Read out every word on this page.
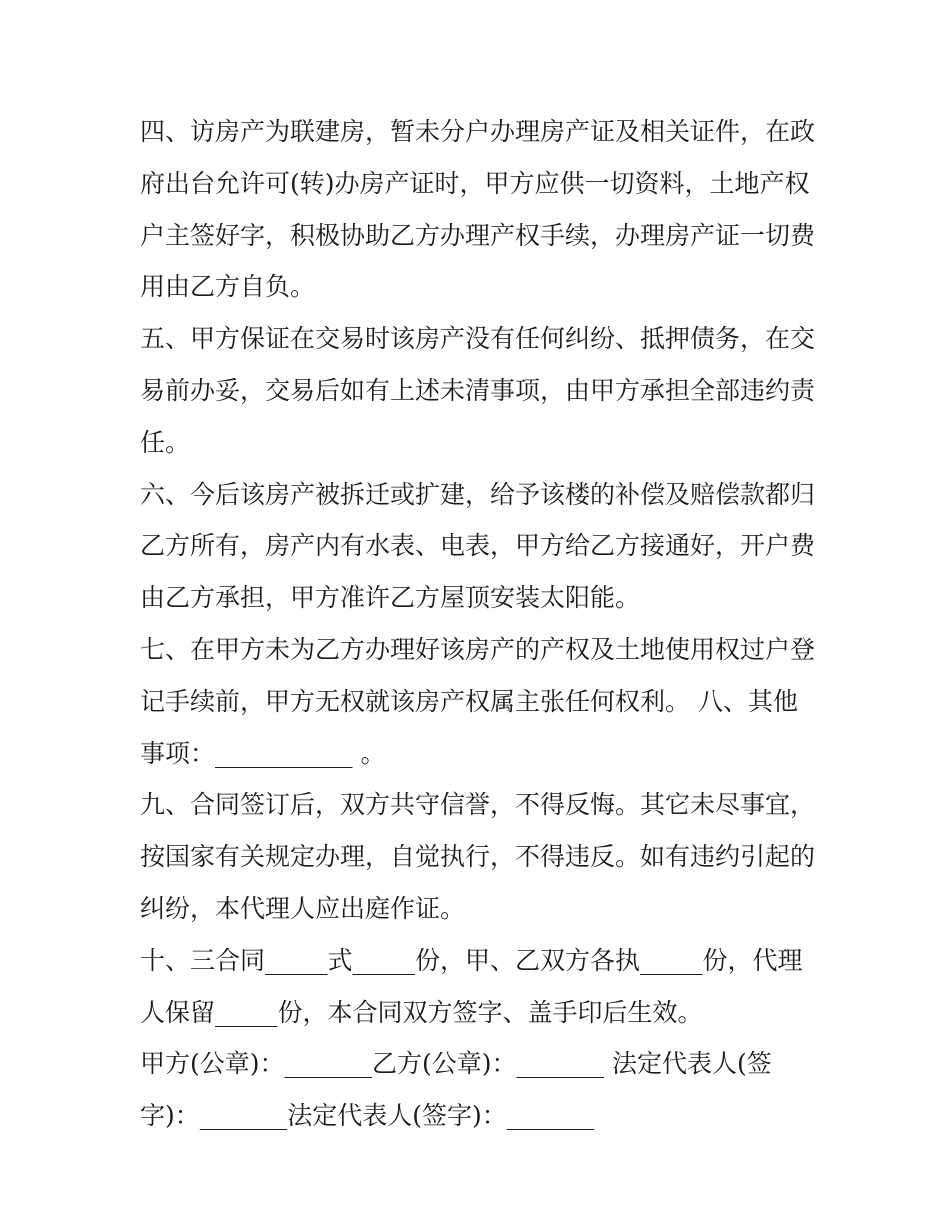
四、访房产为联建房，暂未分户办理房产证及相关证件，在政
府出台允许可(转)办房产证时，甲方应供一切资料，土地产权
户主签好字，积极协助乙方办理产权手续，办理房产证一切费
用由乙方自负。
五、甲方保证在交易时该房产没有任何纠纷、抵押债务，在交
易前办妥，交易后如有上述未清事项，由甲方承担全部违约责
任。
六、今后该房产被拆迁或扩建，给予该楼的补偿及赔偿款都归
乙方所有，房产内有水表、电表，甲方给乙方接通好，开户费
由乙方承担，甲方准许乙方屋顶安装太阳能。
七、在甲方未为乙方办理好该房产的产权及土地使用权过户登
记手续前，甲方无权就该房产权属主张任何权利。 八、其他
事项：___________ 。
九、合同签订后，双方共守信誉，不得反悔。其它未尽事宜，
按国家有关规定办理，自觉执行，不得违反。如有违约引起的
纠纷，本代理人应出庭作证。
十、三合同_____式_____份，甲、乙双方各执_____份，代理
人保留_____份，本合同双方签字、盖手印后生效。
甲方(公章)：_______乙方(公章)：_______ 法定代表人(签
字)：_______法定代表人(签字)：_______
